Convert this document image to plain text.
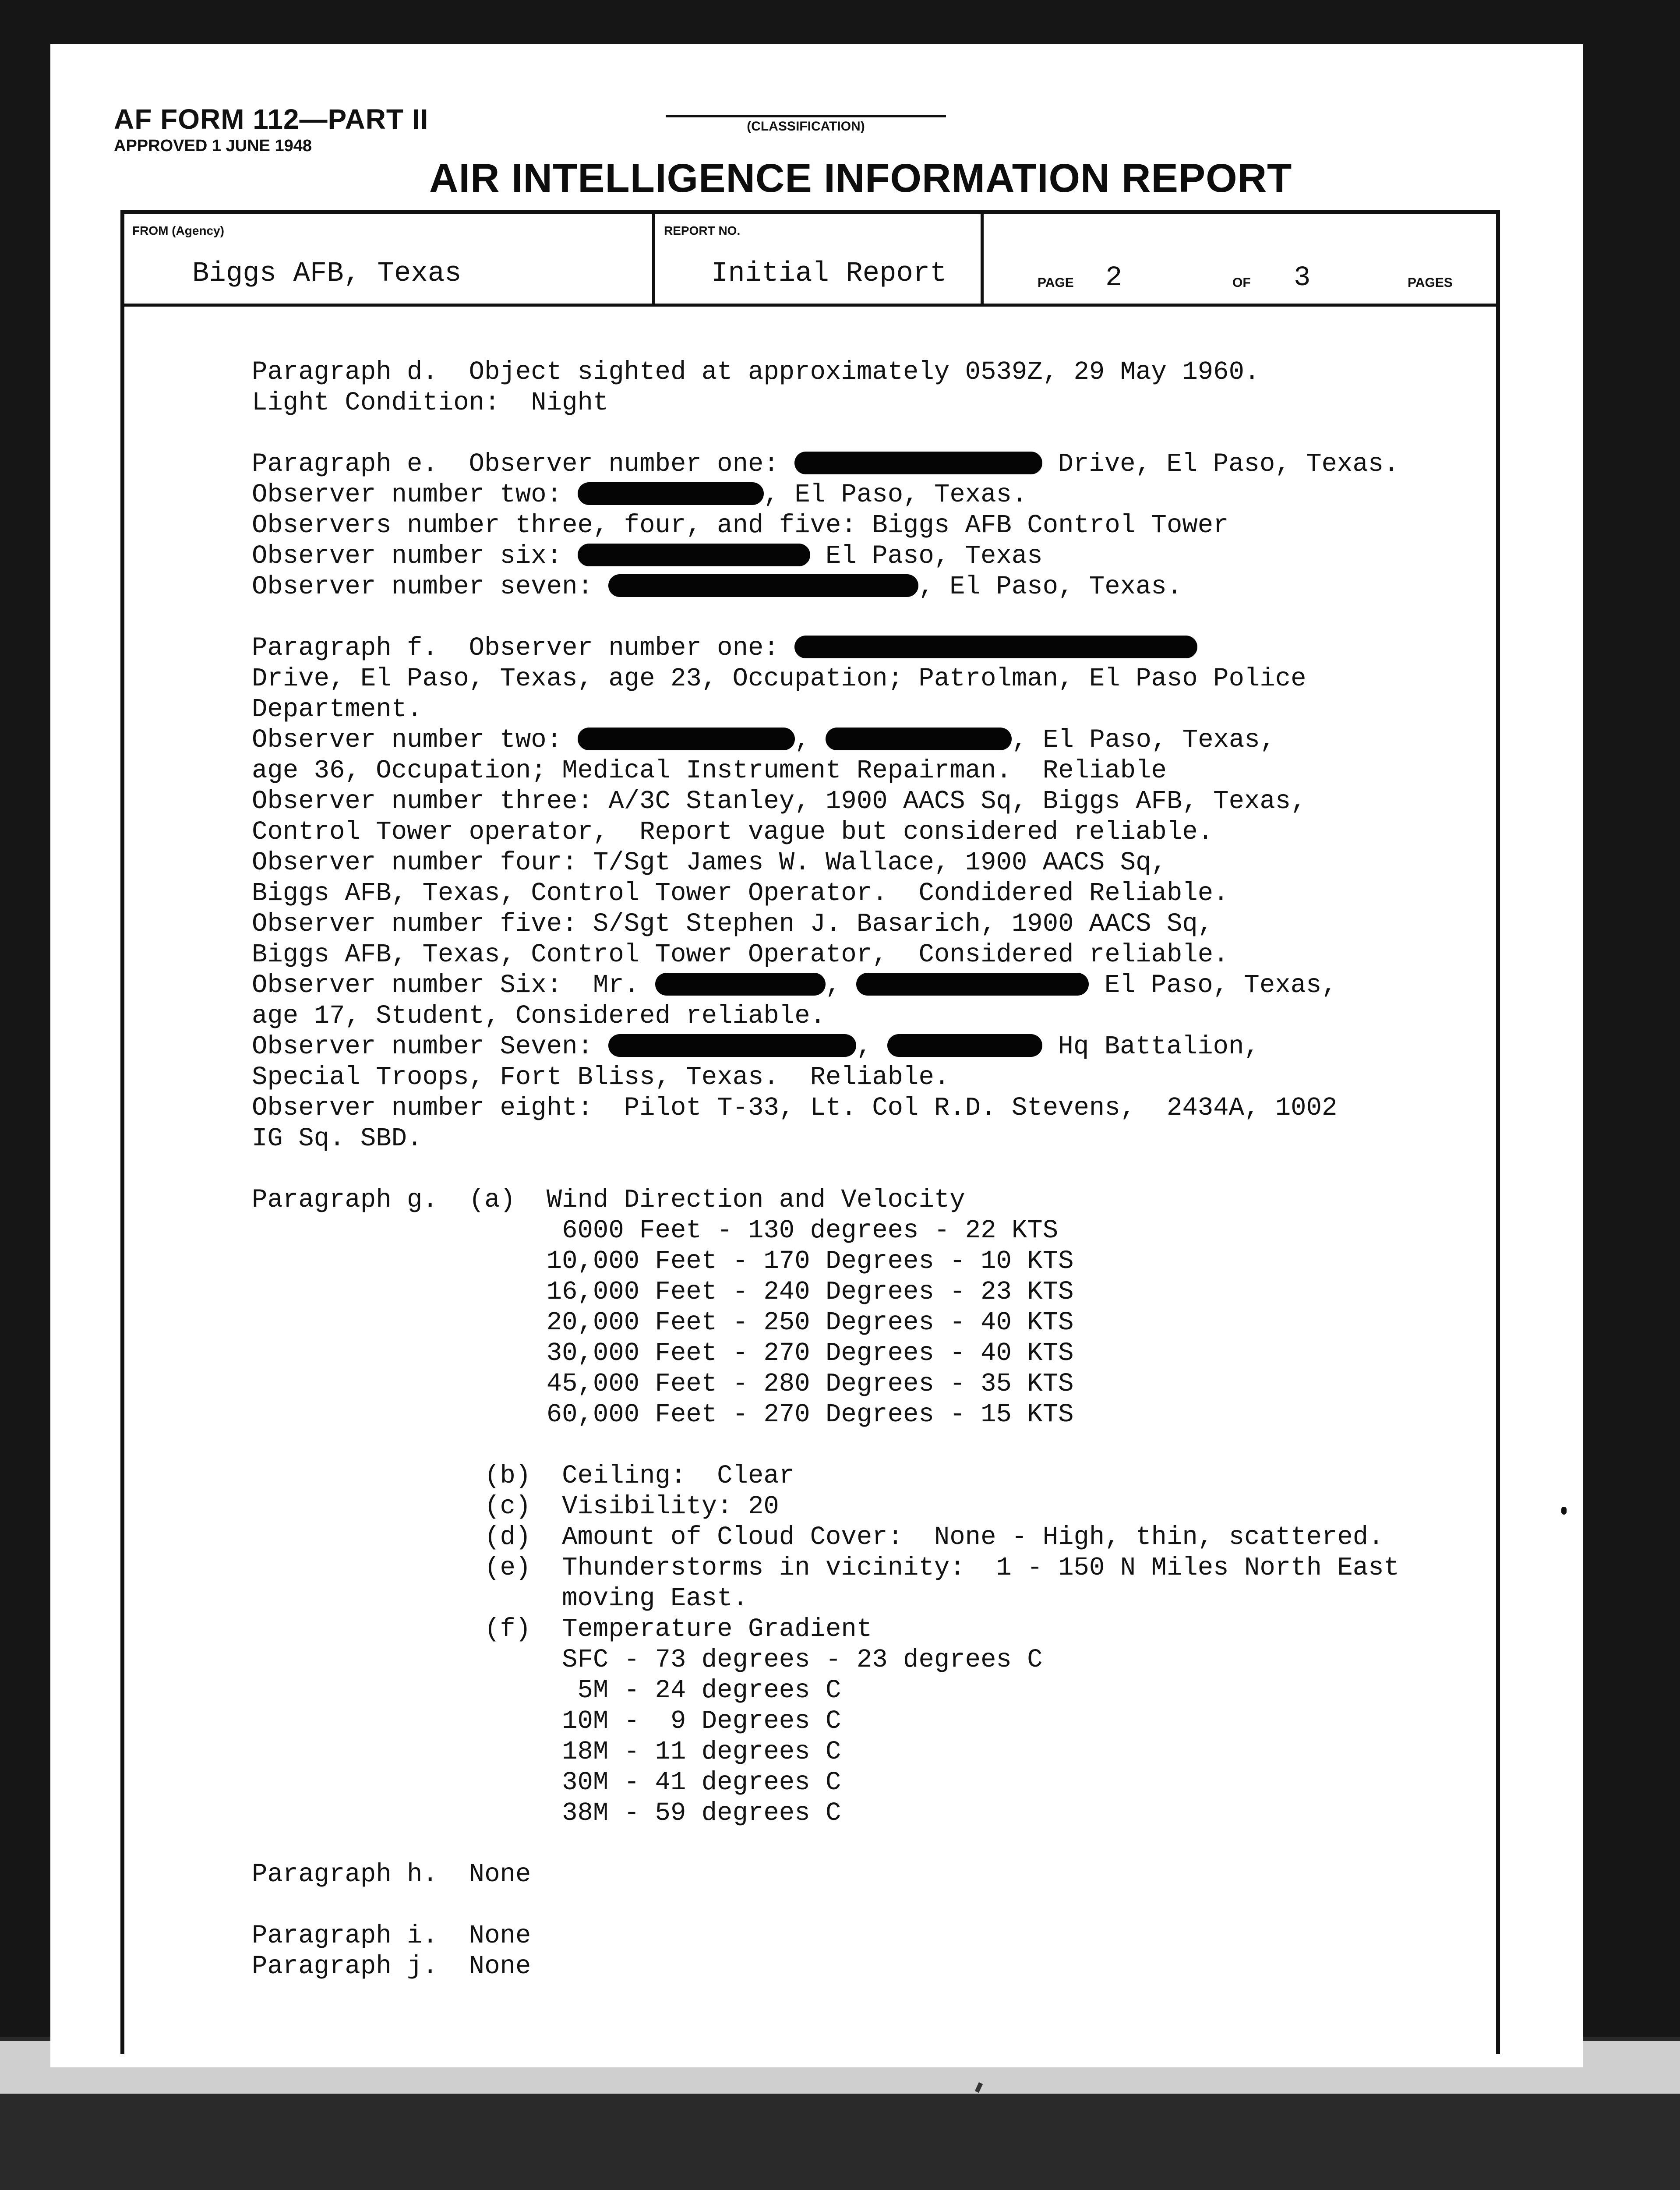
AF FORM 112—PART II
APPROVED 1 JUNE 1948
(CLASSIFICATION)
AIR INTELLIGENCE INFORMATION REPORT
FROM (Agency)
Biggs AFB, Texas
REPORT NO.
Initial Report	PAGE 2	OF 3	PAGES
Paragraph d.  Object sighted at approximately 0539Z, 29 May 1960.
Light Condition:  Night
Paragraph e.  Observer number one:	Drive, El Paso, Texas.
Observer number two:	, El Paso, Texas.
Observers number three, four, and five: Biggs AFB Control Tower
Observer number six:	El Paso, Texas
Observer number seven:	, El Paso, Texas.
Paragraph f.  Observer number one:
Drive, El Paso, Texas, age 23, Occupation; Patrolman, El Paso Police
Department.
Observer number two:	,	, El Paso, Texas,
age 36, Occupation; Medical Instrument Repairman.  Reliable
Observer number three: A/3C Stanley, 1900 AACS Sq, Biggs AFB, Texas,
Control Tower operator,  Report vague but considered reliable.
Observer number four: T/Sgt James W. Wallace, 1900 AACS Sq,
Biggs AFB, Texas, Control Tower Operator.  Condidered Reliable.
Observer number five: S/Sgt Stephen J. Basarich, 1900 AACS Sq,
Biggs AFB, Texas, Control Tower Operator,  Considered reliable.
Observer number Six:  Mr.	,	El Paso, Texas,
age 17, Student, Considered reliable.
Observer number Seven:	,	Hq Battalion,
Special Troops, Fort Bliss, Texas.  Reliable.
Observer number eight:  Pilot T-33, Lt. Col R.D. Stevens,  2434A, 1002
IG Sq. SBD.
Paragraph g.  (a)  Wind Direction and Velocity
6000 Feet - 130 degrees - 22 KTS
10,000 Feet - 170 Degrees - 10 KTS
16,000 Feet - 240 Degrees - 23 KTS
20,000 Feet - 250 Degrees - 40 KTS
30,000 Feet - 270 Degrees - 40 KTS
45,000 Feet - 280 Degrees - 35 KTS
60,000 Feet - 270 Degrees - 15 KTS
(b)  Ceiling:  Clear
(c)  Visibility: 20
(d)  Amount of Cloud Cover:  None - High, thin, scattered.
(e)  Thunderstorms in vicinity:  1 - 150 N Miles North East
moving East.
(f)  Temperature Gradient
SFC - 73 degrees - 23 degrees C
5M - 24 degrees C
10M -  9 Degrees C
18M - 11 degrees C
30M - 41 degrees C
38M - 59 degrees C
Paragraph h.  None
Paragraph i.  None
Paragraph j.  None
